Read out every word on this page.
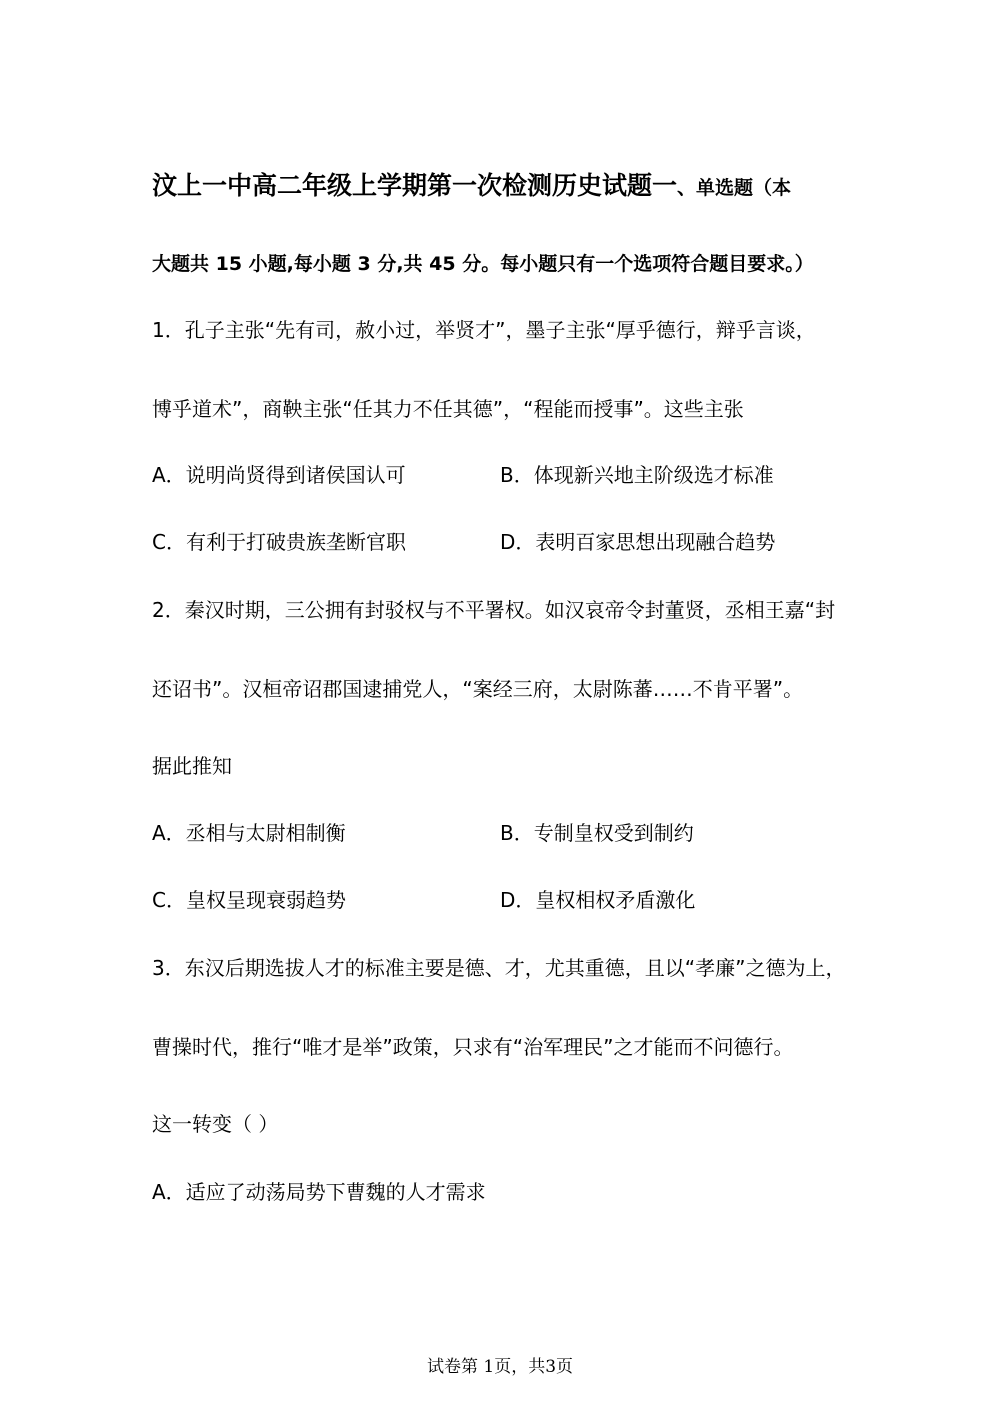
汶上一中高二年级上学期第一次检测历史试题一、单选题（本
大题共 15 小题,每小题 3 分,共 45 分。每小题只有一个选项符合题目要求。）
1．孔子主张“先有司，赦小过，举贤才”，墨子主张“厚乎德行，辩乎言谈，
博乎道术”，商鞅主张“任其力不任其德”，“程能而授事”。这些主张
A．说明尚贤得到诸侯国认可	B．体现新兴地主阶级选才标准
C．有利于打破贵族垄断官职	D．表明百家思想出现融合趋势
2．秦汉时期，三公拥有封驳权与不平署权。如汉哀帝令封董贤，丞相王嘉“封
还诏书”。汉桓帝诏郡国逮捕党人，“案经三府，太尉陈蕃……不肯平署”。
据此推知
A．丞相与太尉相制衡	B．专制皇权受到制约
C．皇权呈现衰弱趋势	D．皇权相权矛盾激化
3．东汉后期选拔人才的标准主要是德、才，尤其重德，且以“孝廉”之德为上，
曹操时代，推行“唯才是举”政策，只求有“治军理民”之才能而不问德行。
这一转变（ ）
A．适应了动荡局势下曹魏的人才需求
试卷第 1页，共3页
